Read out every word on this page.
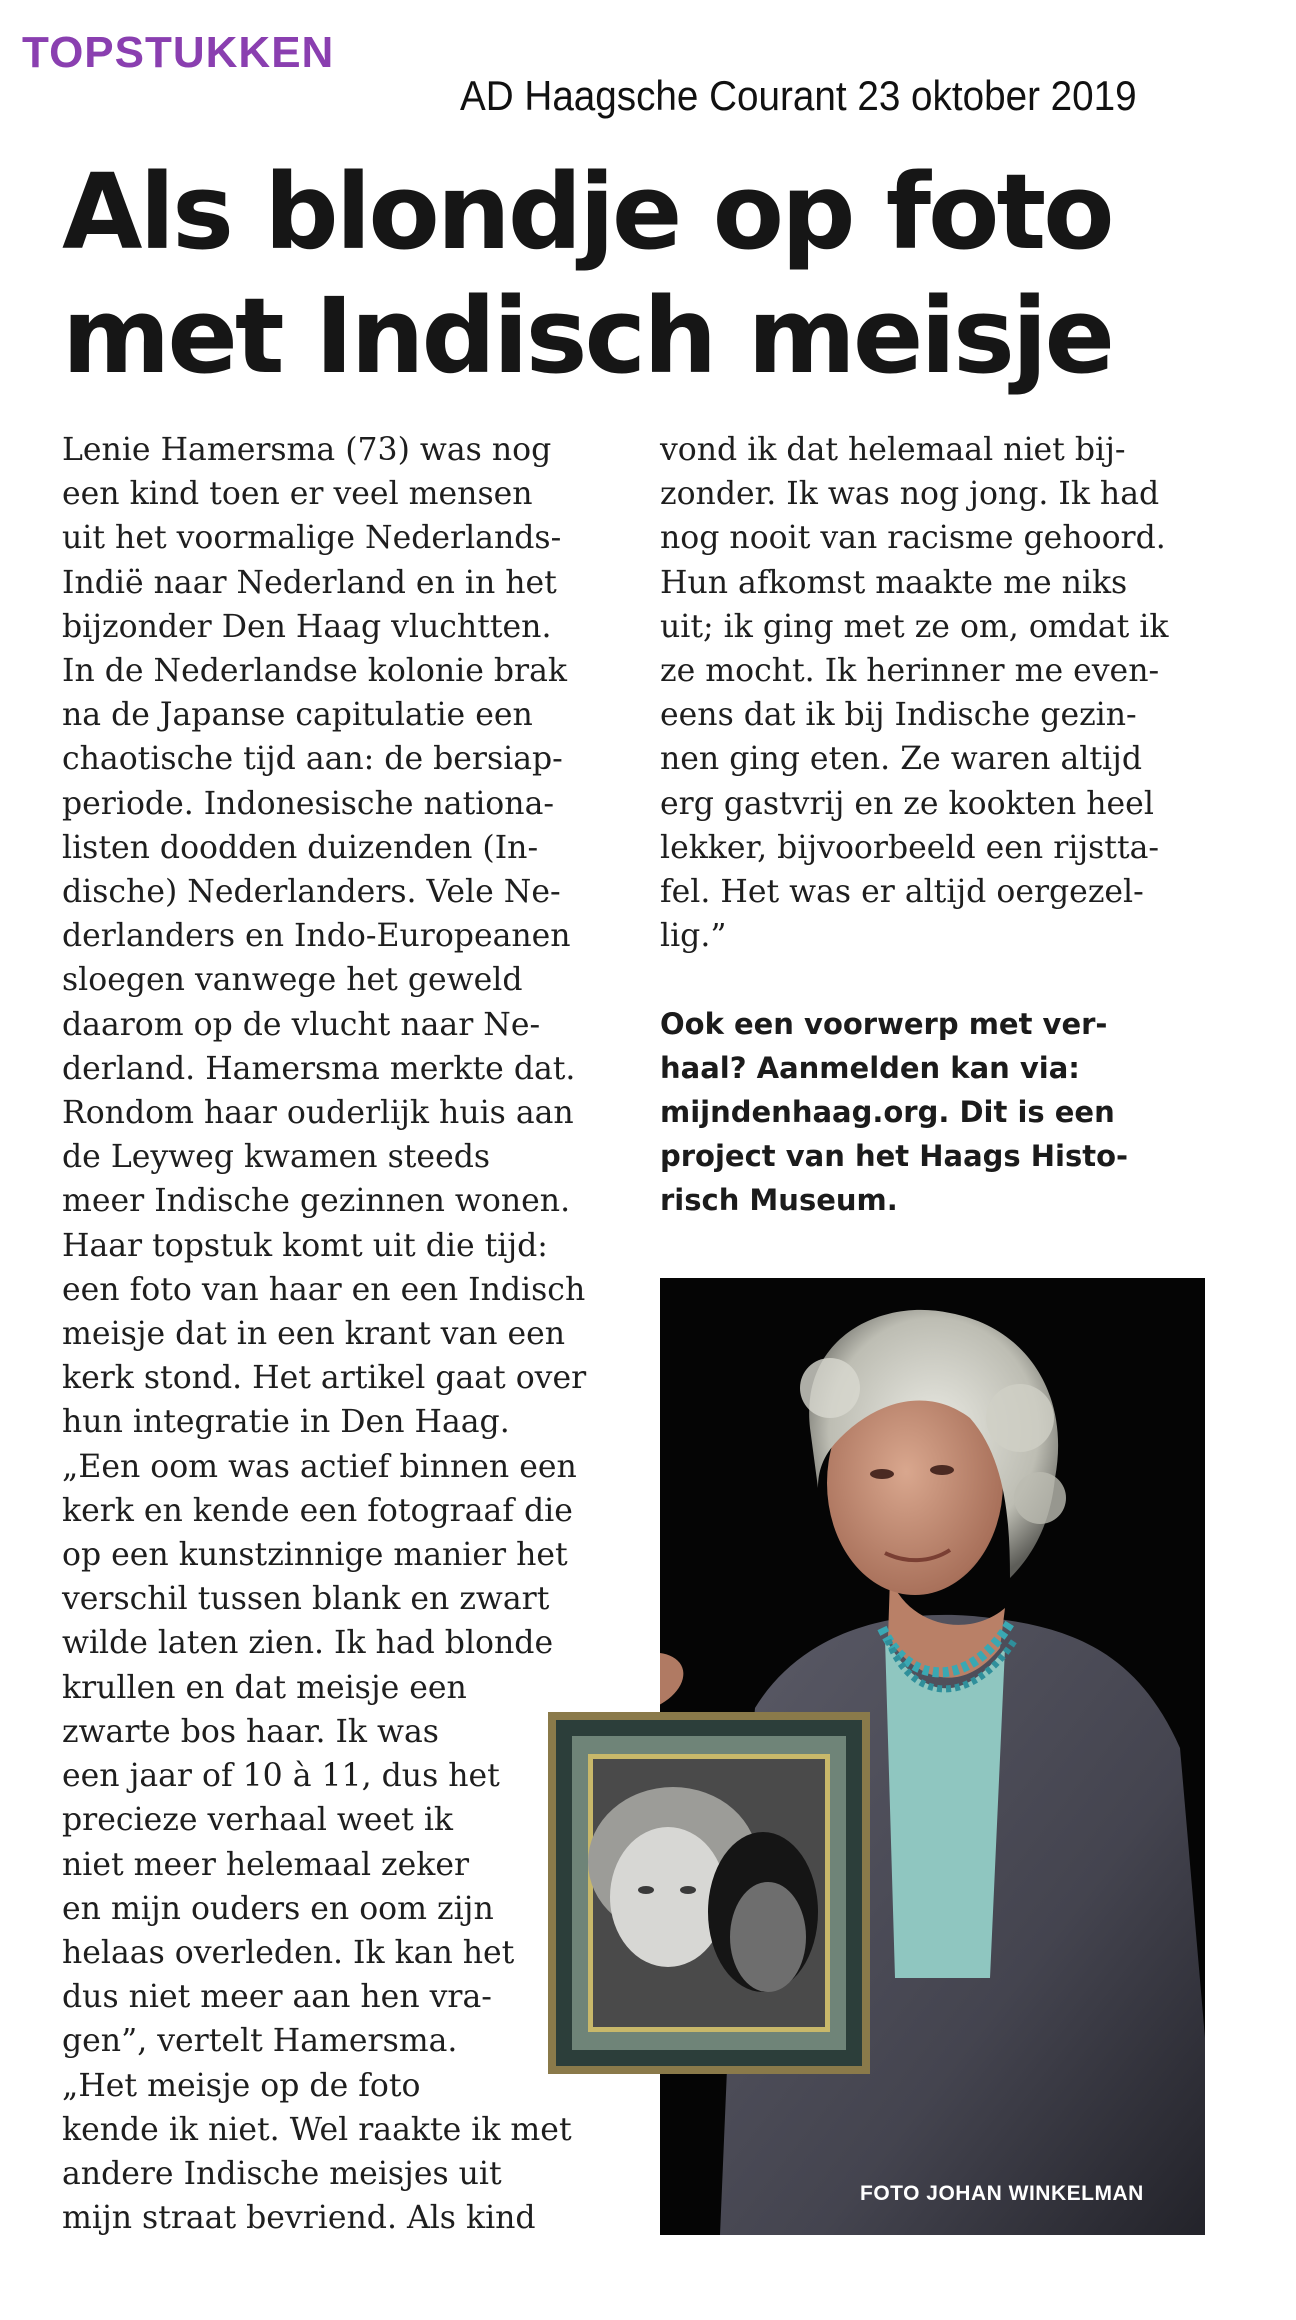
TOPSTUKKEN
AD Haagsche Courant 23 oktober 2019
Als blondje op foto
met Indisch meisje
Lenie Hamersma (73) was nog
een kind toen er veel mensen
uit het voormalige Nederlands-
Indië naar Nederland en in het
bijzonder Den Haag vluchtten.
In de Nederlandse kolonie brak
na de Japanse capitulatie een
chaotische tijd aan: de bersiap-
periode. Indonesische nationa-
listen doodden duizenden (In-
dische) Nederlanders. Vele Ne-
derlanders en Indo-Europeanen
sloegen vanwege het geweld
daarom op de vlucht naar Ne-
derland. Hamersma merkte dat.
Rondom haar ouderlijk huis aan
de Leyweg kwamen steeds
meer Indische gezinnen wonen.
Haar topstuk komt uit die tijd:
een foto van haar en een Indisch
meisje dat in een krant van een
kerk stond. Het artikel gaat over
hun integratie in Den Haag.
„Een oom was actief binnen een
kerk en kende een fotograaf die
op een kunstzinnige manier het
verschil tussen blank en zwart
wilde laten zien. Ik had blonde
krullen en dat meisje een
zwarte bos haar. Ik was
een jaar of 10 à 11, dus het
precieze verhaal weet ik
niet meer helemaal zeker
en mijn ouders en oom zijn
helaas overleden. Ik kan het
dus niet meer aan hen vra-
gen”, vertelt Hamersma.
„Het meisje op de foto
kende ik niet. Wel raakte ik met
andere Indische meisjes uit
mijn straat bevriend. Als kind
vond ik dat helemaal niet bij-
zonder. Ik was nog jong. Ik had
nog nooit van racisme gehoord.
Hun afkomst maakte me niks
uit; ik ging met ze om, omdat ik
ze mocht. Ik herinner me even-
eens dat ik bij Indische gezin-
nen ging eten. Ze waren altijd
erg gastvrij en ze kookten heel
lekker, bijvoorbeeld een rijstta-
fel. Het was er altijd oergezel-
lig.”
Ook een voorwerp met ver-
haal? Aanmelden kan via:
mijndenhaag.org. Dit is een
project van het Haags Histo-
risch Museum.
FOTO JOHAN WINKELMAN
